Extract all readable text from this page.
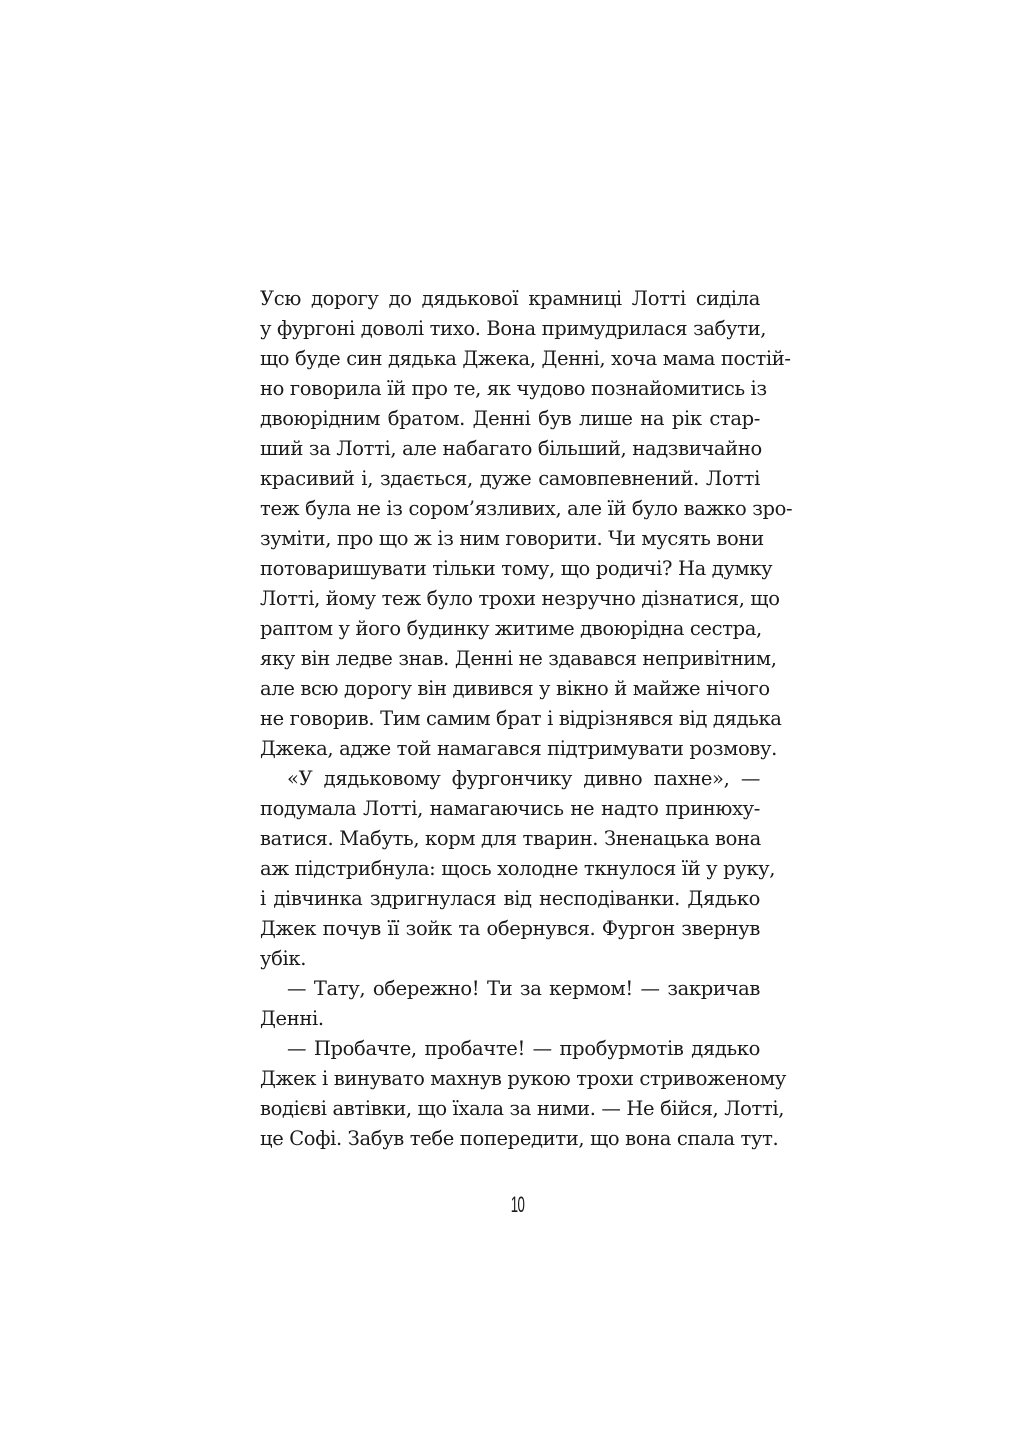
Усю дорогу до дядькової крамниці Лотті сиділа
у фургоні доволі тихо. Вона примудрилася забути,
що буде син дядька Джека, Денні, хоча мама постій-
но говорила їй про те, як чудово познайомитись із
двоюрідним братом. Денні був лише на рік стар-
ший за Лотті, але набагато більший, надзвичайно
красивий і, здається, дуже самовпевнений. Лотті
теж була не із сором’язливих, але їй було важко зро-
зуміти, про що ж із ним говорити. Чи мусять вони
потоваришувати тільки тому, що родичі? На думку
Лотті, йому теж було трохи незручно дізнатися, що
раптом у його будинку житиме двоюрідна сестра,
яку він ледве знав. Денні не здавався непривітним,
але всю дорогу він дивився у вікно й майже нічого
не говорив. Тим самим брат і відрізнявся від дядька
Джека, адже той намагався підтримувати розмову.
«У дядьковому фургончику дивно пахне», —
подумала Лотті, намагаючись не надто принюху-
ватися. Мабуть, корм для тварин. Зненацька вона
аж підстрибнула: щось холодне ткнулося їй у руку,
і дівчинка здригнулася від несподіванки. Дядько
Джек почув її зойк та обернувся. Фургон звернув
убік.
— Тату, обережно! Ти за кермом! — закричав
Денні.
— Пробачте, пробачте! — пробурмотів дядько
Джек і винувато махнув рукою трохи стривоженому
водієві автівки, що їхала за ними. — Не бійся, Лотті,
це Софі. Забув тебе попередити, що вона спала тут.
10
